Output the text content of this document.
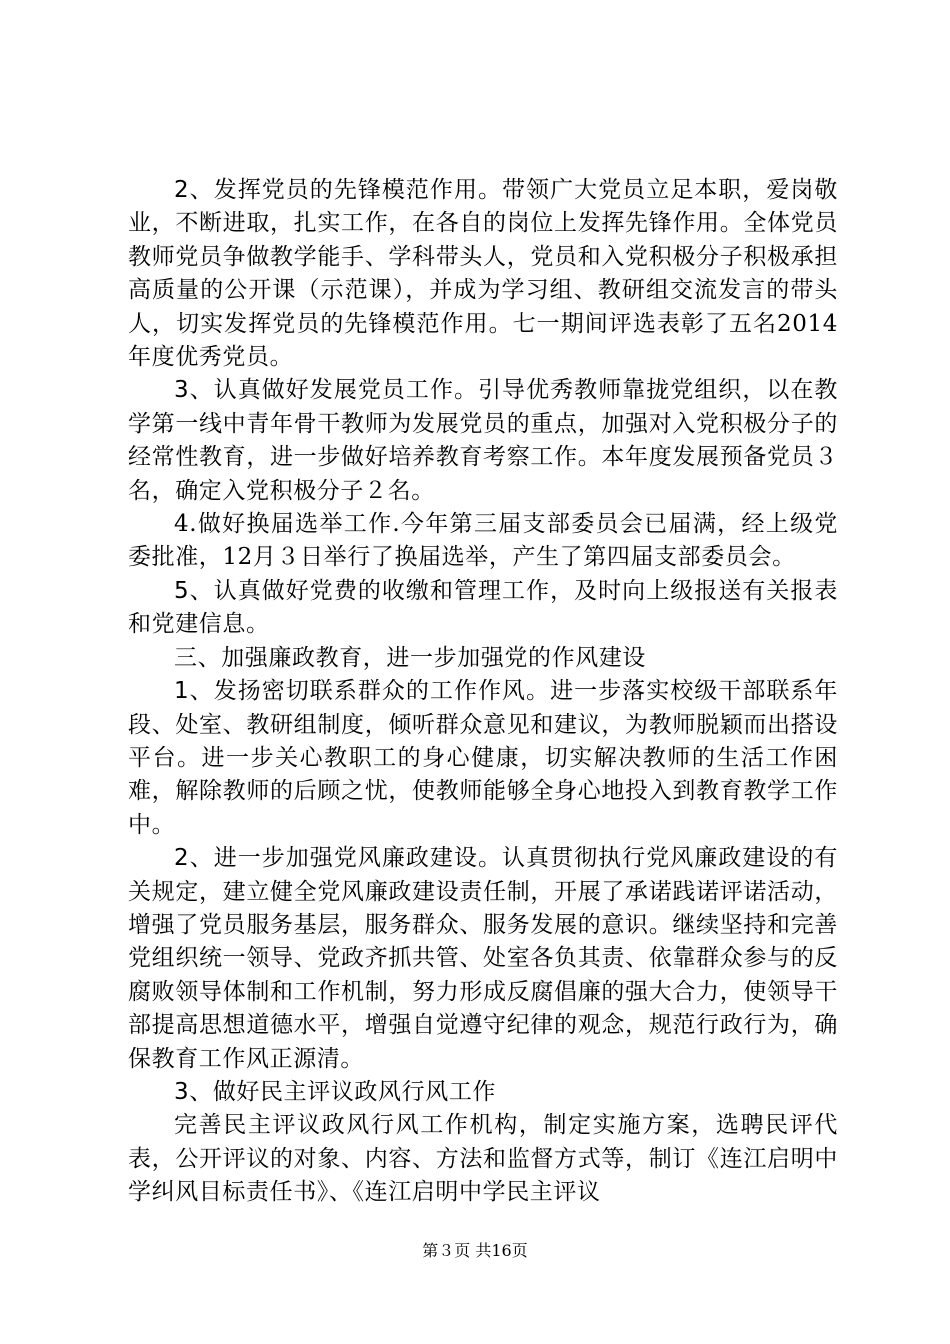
2、发挥党员的先锋模范作用。带领广大党员立足本职，爱岗敬业，不断进取，扎实工作，在各自的岗位上发挥先锋作用。全体党员教师党员争做教学能手、学科带头人，党员和入党积极分子积极承担高质量的公开课（示范课），并成为学习组、教研组交流发言的带头人，切实发挥党员的先锋模范作用。七一期间评选表彰了五名2014年度优秀党员。

3、认真做好发展党员工作。引导优秀教师靠拢党组织，以在教学第一线中青年骨干教师为发展党员的重点，加强对入党积极分子的经常性教育，进一步做好培养教育考察工作。本年度发展预备党员３名，确定入党积极分子２名。

4.做好换届选举工作.今年第三届支部委员会已届满，经上级党委批准，12月３日举行了换届选举，产生了第四届支部委员会。

5、认真做好党费的收缴和管理工作，及时向上级报送有关报表和党建信息。

三、加强廉政教育，进一步加强党的作风建设

1、发扬密切联系群众的工作作风。进一步落实校级干部联系年段、处室、教研组制度，倾听群众意见和建议，为教师脱颖而出搭设平台。进一步关心教职工的身心健康，切实解决教师的生活工作困难，解除教师的后顾之忧，使教师能够全身心地投入到教育教学工作中。

2、进一步加强党风廉政建设。认真贯彻执行党风廉政建设的有关规定，建立健全党风廉政建设责任制，开展了承诺践诺评诺活动，增强了党员服务基层，服务群众、服务发展的意识。继续坚持和完善党组织统一领导、党政齐抓共管、处室各负其责、依靠群众参与的反腐败领导体制和工作机制，努力形成反腐倡廉的强大合力，使领导干部提高思想道德水平，增强自觉遵守纪律的观念，规范行政行为，确保教育工作风正源清。

3、做好民主评议政风行风工作

完善民主评议政风行风工作机构，制定实施方案，选聘民评代表，公开评议的对象、内容、方法和监督方式等，制订《连江启明中学纠风目标责任书》、《连江启明中学民主评议

第３页 共16页
